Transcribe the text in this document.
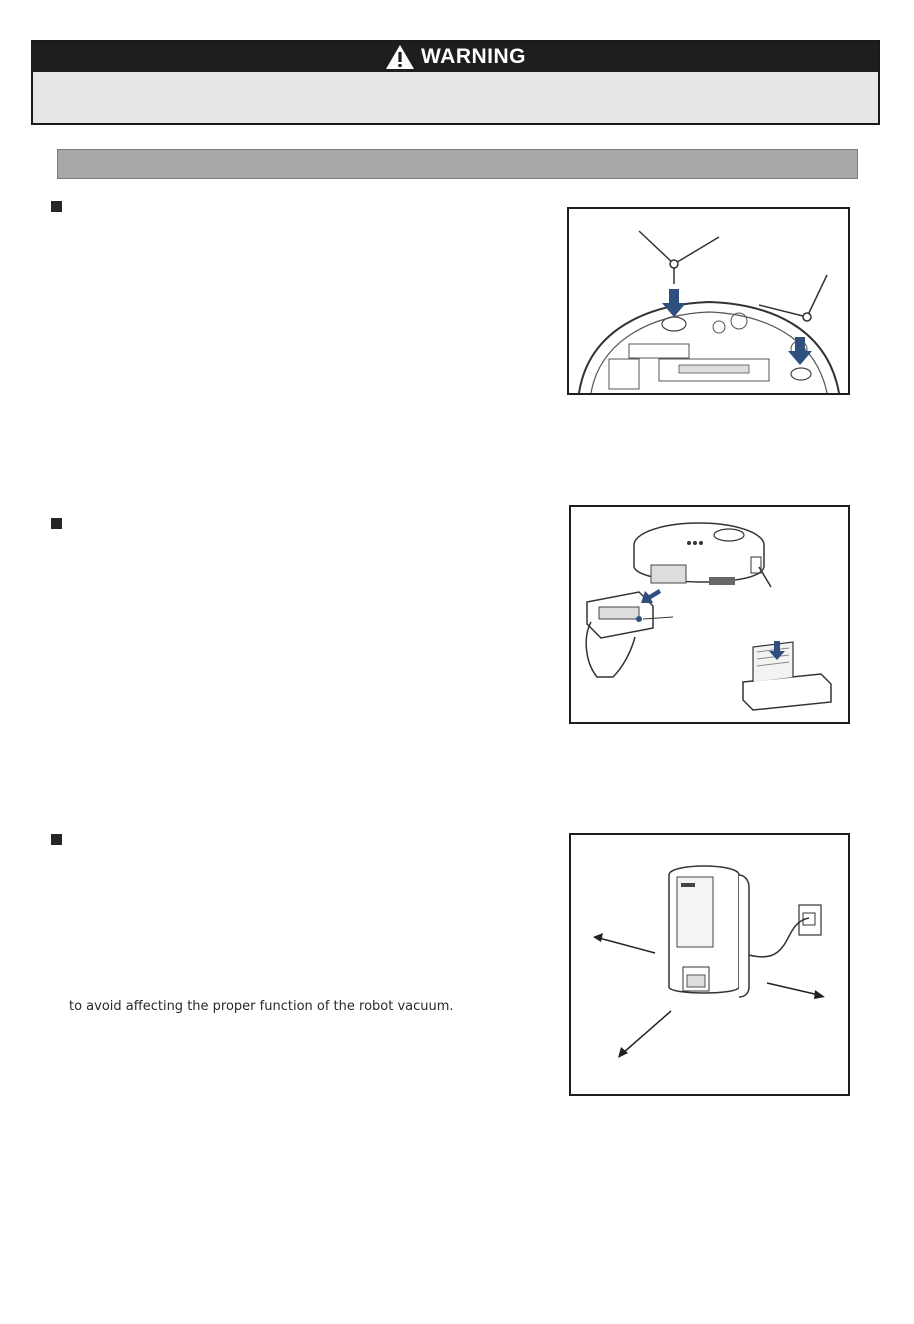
WARNING
to avoid affecting the proper function of the robot vacuum.
